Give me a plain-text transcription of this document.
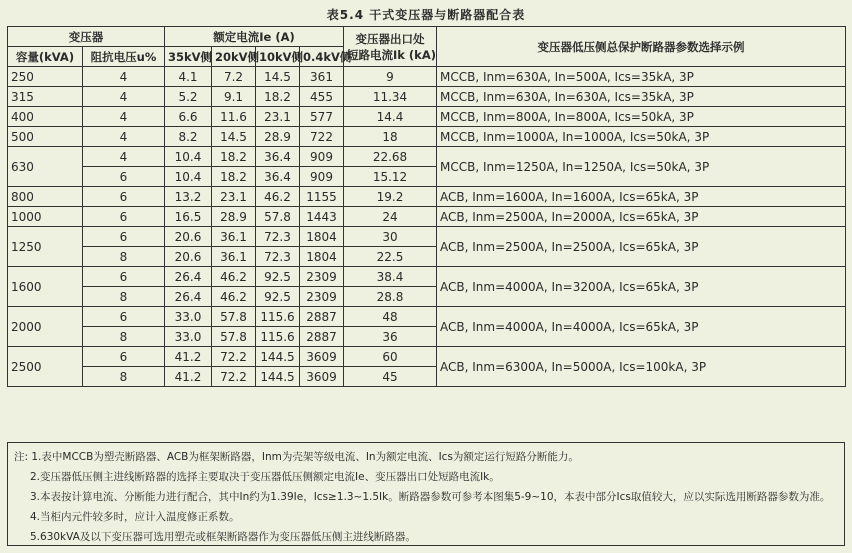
表5.4 干式变压器与断路器配合表
变压器		额定电流Ie (A)				变压器出口处
短路电流Ik (kA)	变压器低压侧总保护断路器参数选择示例
容量(kVA)	阻抗电压u%	35kV侧	20kV侧	10kV侧	0.4kV侧		
250	4	4.1	7.2	14.5	361	9	MCCB, Inm=630A, In=500A, Ics=35kA, 3P
315	4	5.2	9.1	18.2	455	11.34	MCCB, Inm=630A, In=630A, Ics=35kA, 3P
400	4	6.6	11.6	23.1	577	14.4	MCCB, Inm=800A, In=800A, Ics=50kA, 3P
500	4	8.2	14.5	28.9	722	18	MCCB, Inm=1000A, In=1000A, Ics=50kA, 3P
630	4	10.4	18.2	36.4	909	22.68	MCCB, Inm=1250A, In=1250A, Ics=50kA, 3P
	6	10.4	18.2	36.4	909	15.12	
800	6	13.2	23.1	46.2	1155	19.2	ACB, Inm=1600A, In=1600A, Ics=65kA, 3P
1000	6	16.5	28.9	57.8	1443	24	ACB, Inm=2500A, In=2000A, Ics=65kA, 3P
1250	6	20.6	36.1	72.3	1804	30	ACB, Inm=2500A, In=2500A, Ics=65kA, 3P
	8	20.6	36.1	72.3	1804	22.5	
1600	6	26.4	46.2	92.5	2309	38.4	ACB, Inm=4000A, In=3200A, Ics=65kA, 3P
	8	26.4	46.2	92.5	2309	28.8	
2000	6	33.0	57.8	115.6	2887	48	ACB, Inm=4000A, In=4000A, Ics=65kA, 3P
	8	33.0	57.8	115.6	2887	36	
2500	6	41.2	72.2	144.5	3609	60	ACB, Inm=6300A, In=5000A, Ics=100kA, 3P
	8	41.2	72.2	144.5	3609	45	
注: 1.表中MCCB为塑壳断路器、ACB为框架断路器，Inm为壳架等级电流、In为额定电流、Ics为额定运行短路分断能力。
2.变压器低压侧主进线断路器的选择主要取决于变压器低压侧额定电流Ie、变压器出口处短路电流Ik。
3.本表按计算电流、分断能力进行配合，其中In约为1.39Ie，Ics≥1.3~1.5Ik。断路器参数可参考本图集5-9~10，本表中部分Ics取值较大，应以实际选用断路器参数为准。
4.当柜内元件较多时，应计入温度修正系数。
5.630kVA及以下变压器可选用塑壳或框架断路器作为变压器低压侧主进线断路器。
